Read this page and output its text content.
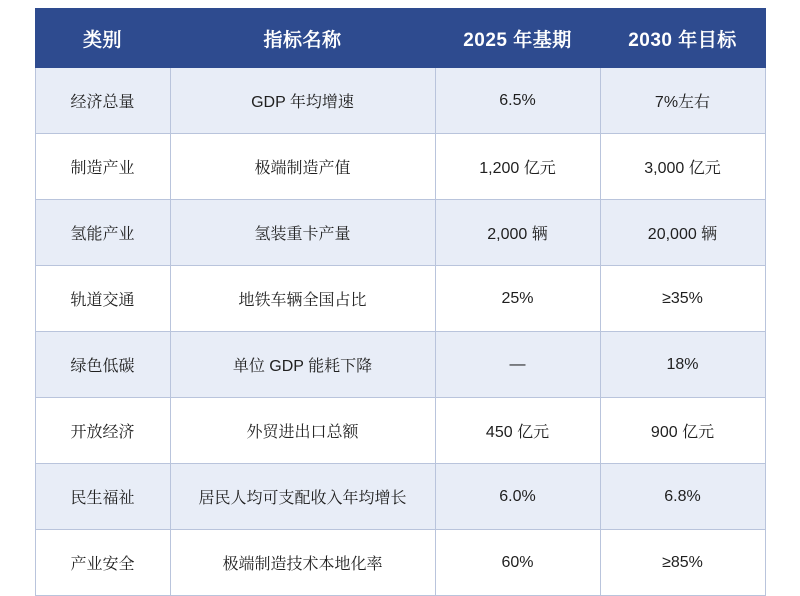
类别	指标名称	2025 年基期	2030 年目标
经济总量	GDP 年均增速	6.5%	7%左右
制造产业	极端制造产值	1,200 亿元	3,000 亿元
氢能产业	氢装重卡产量	2,000 辆	20,000 辆
轨道交通	地铁车辆全国占比	25%	≥35%
绿色低碳	单位 GDP 能耗下降	—	18%
开放经济	外贸进出口总额	450 亿元	900 亿元
民生福祉	居民人均可支配收入年均增长	6.0%	6.8%
产业安全	极端制造技术本地化率	60%	≥85%
